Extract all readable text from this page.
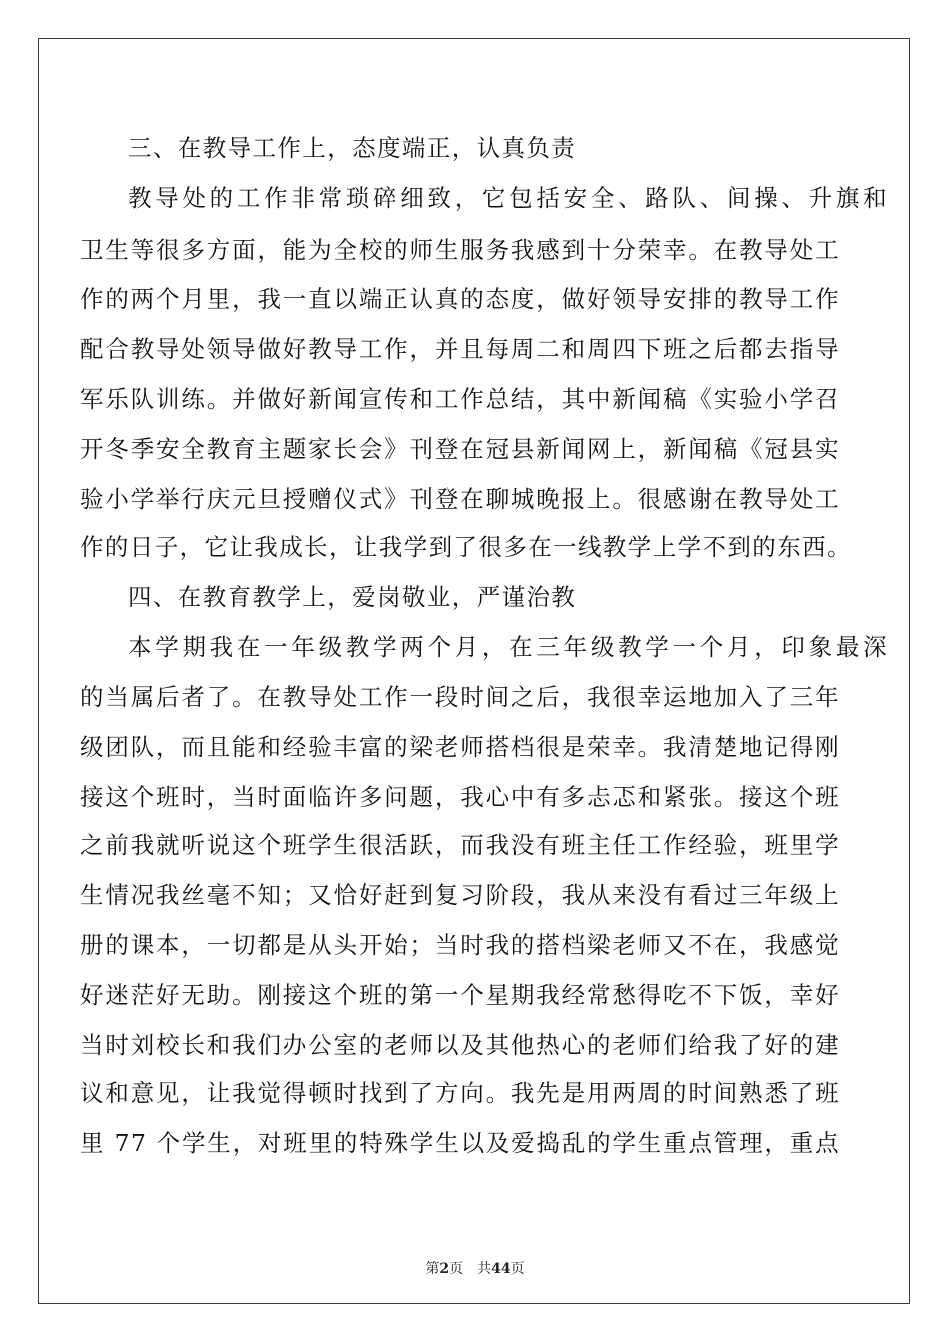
三、在教导工作上，态度端正，认真负责
教导处的工作非常琐碎细致，它包括安全、路队、间操、升旗和
卫生等很多方面，能为全校的师生服务我感到十分荣幸。在教导处工
作的两个月里，我一直以端正认真的态度，做好领导安排的教导工作
配合教导处领导做好教导工作，并且每周二和周四下班之后都去指导
军乐队训练。并做好新闻宣传和工作总结，其中新闻稿《实验小学召
开冬季安全教育主题家长会》刊登在冠县新闻网上，新闻稿《冠县实
验小学举行庆元旦授赠仪式》刊登在聊城晚报上。很感谢在教导处工
作的日子，它让我成长，让我学到了很多在一线教学上学不到的东西。
四、在教育教学上，爱岗敬业，严谨治教
本学期我在一年级教学两个月，在三年级教学一个月，印象最深
的当属后者了。在教导处工作一段时间之后，我很幸运地加入了三年
级团队，而且能和经验丰富的梁老师搭档很是荣幸。我清楚地记得刚
接这个班时，当时面临许多问题，我心中有多忐忑和紧张。接这个班
之前我就听说这个班学生很活跃，而我没有班主任工作经验，班里学
生情况我丝毫不知；又恰好赶到复习阶段，我从来没有看过三年级上
册的课本，一切都是从头开始；当时我的搭档梁老师又不在，我感觉
好迷茫好无助。刚接这个班的第一个星期我经常愁得吃不下饭，幸好
当时刘校长和我们办公室的老师以及其他热心的老师们给我了好的建
议和意见，让我觉得顿时找到了方向。我先是用两周的时间熟悉了班
里 77 个学生，对班里的特殊学生以及爱捣乱的学生重点管理，重点
第2页 共44页
